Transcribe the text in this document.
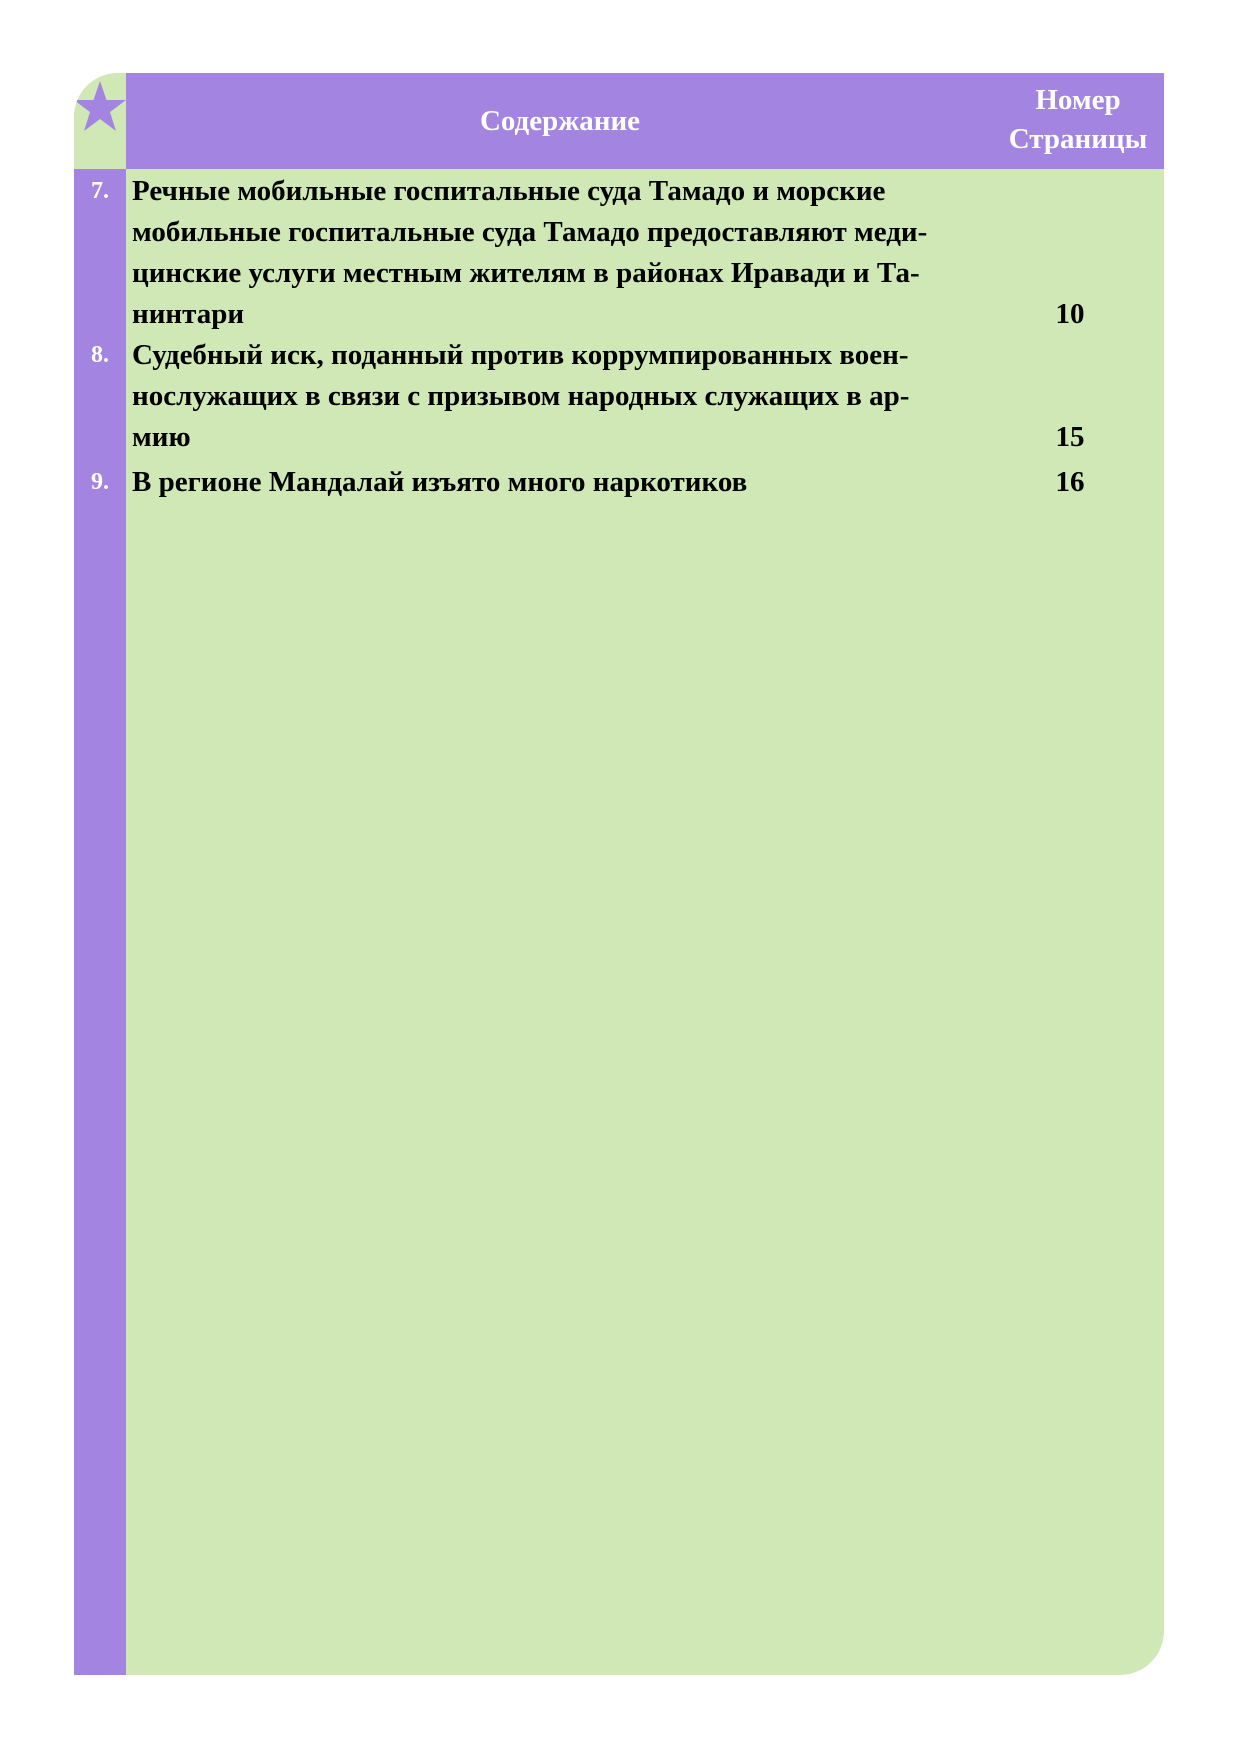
Содержание
Номер
Страницы
7. Речные мобильные госпитальные суда Тамадо и морские
мобильные госпитальные суда Тамадо предоставляют меди-
цинские услуги местным жителям в районах Иравади и Та-
нинтари	10
8. Судебный иск, поданный против коррумпированных воен-
нослужащих в связи с призывом народных служащих в ар-
мию	15
9. В регионе Мандалай изъято много наркотиков	16
